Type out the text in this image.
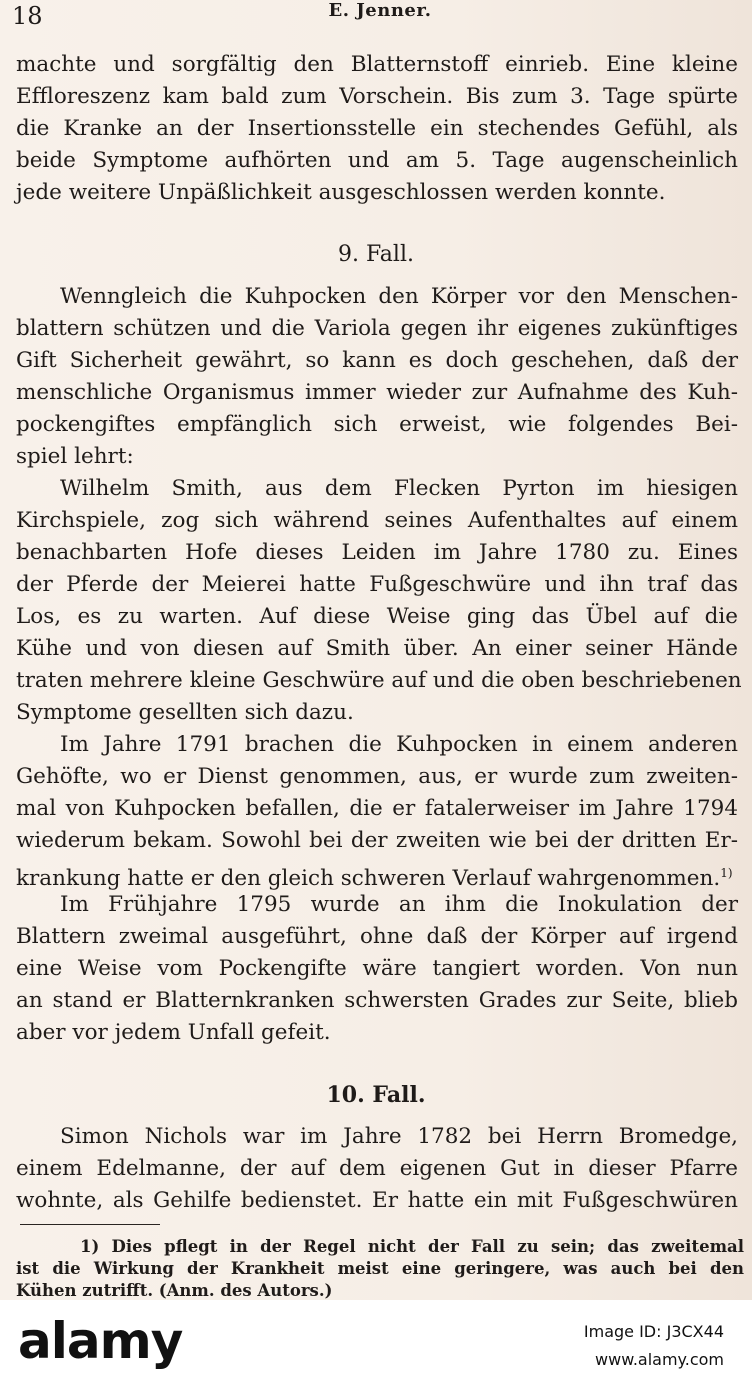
18	E. Jenner.
machte und sorgfältig den Blatternstoff einrieb. Eine kleine
Effloreszenz kam bald zum Vorschein. Bis zum 3. Tage spürte
die Kranke an der Insertionsstelle ein stechendes Gefühl, als
beide Symptome aufhörten und am 5. Tage augenscheinlich
jede weitere Unpäßlichkeit ausgeschlossen werden konnte.
9. Fall.
Wenngleich die Kuhpocken den Körper vor den Menschen-
blattern schützen und die Variola gegen ihr eigenes zukünftiges
Gift Sicherheit gewährt, so kann es doch geschehen, daß der
menschliche Organismus immer wieder zur Aufnahme des Kuh-
pockengiftes empfänglich sich erweist, wie folgendes Bei-
spiel lehrt:
Wilhelm Smith, aus dem Flecken Pyrton im hiesigen
Kirchspiele, zog sich während seines Aufenthaltes auf einem
benachbarten Hofe dieses Leiden im Jahre 1780 zu. Eines
der Pferde der Meierei hatte Fußgeschwüre und ihn traf das
Los, es zu warten. Auf diese Weise ging das Übel auf die
Kühe und von diesen auf Smith über. An einer seiner Hände
traten mehrere kleine Geschwüre auf und die oben beschriebenen
Symptome gesellten sich dazu.
Im Jahre 1791 brachen die Kuhpocken in einem anderen
Gehöfte, wo er Dienst genommen, aus, er wurde zum zweiten-
mal von Kuhpocken befallen, die er fatalerweiser im Jahre 1794
wiederum bekam. Sowohl bei der zweiten wie bei der dritten Er-
krankung hatte er den gleich schweren Verlauf wahrgenommen.$^{1)}$
Im Frühjahre 1795 wurde an ihm die Inokulation der
Blattern zweimal ausgeführt, ohne daß der Körper auf irgend
eine Weise vom Pockengifte wäre tangiert worden. Von nun
an stand er Blatternkranken schwersten Grades zur Seite, blieb
aber vor jedem Unfall gefeit.
10. Fall.
Simon Nichols war im Jahre 1782 bei Herrn Bromedge,
einem Edelmanne, der auf dem eigenen Gut in dieser Pfarre
wohnte, als Gehilfe bedienstet. Er hatte ein mit Fußgeschwüren
1) Dies pflegt in der Regel nicht der Fall zu sein; das zweitemal
ist die Wirkung der Krankheit meist eine geringere, was auch bei den
Kühen zutrifft. (Anm. des Autors.)
alamy	Image ID: J3CX44
www.alamy.com
